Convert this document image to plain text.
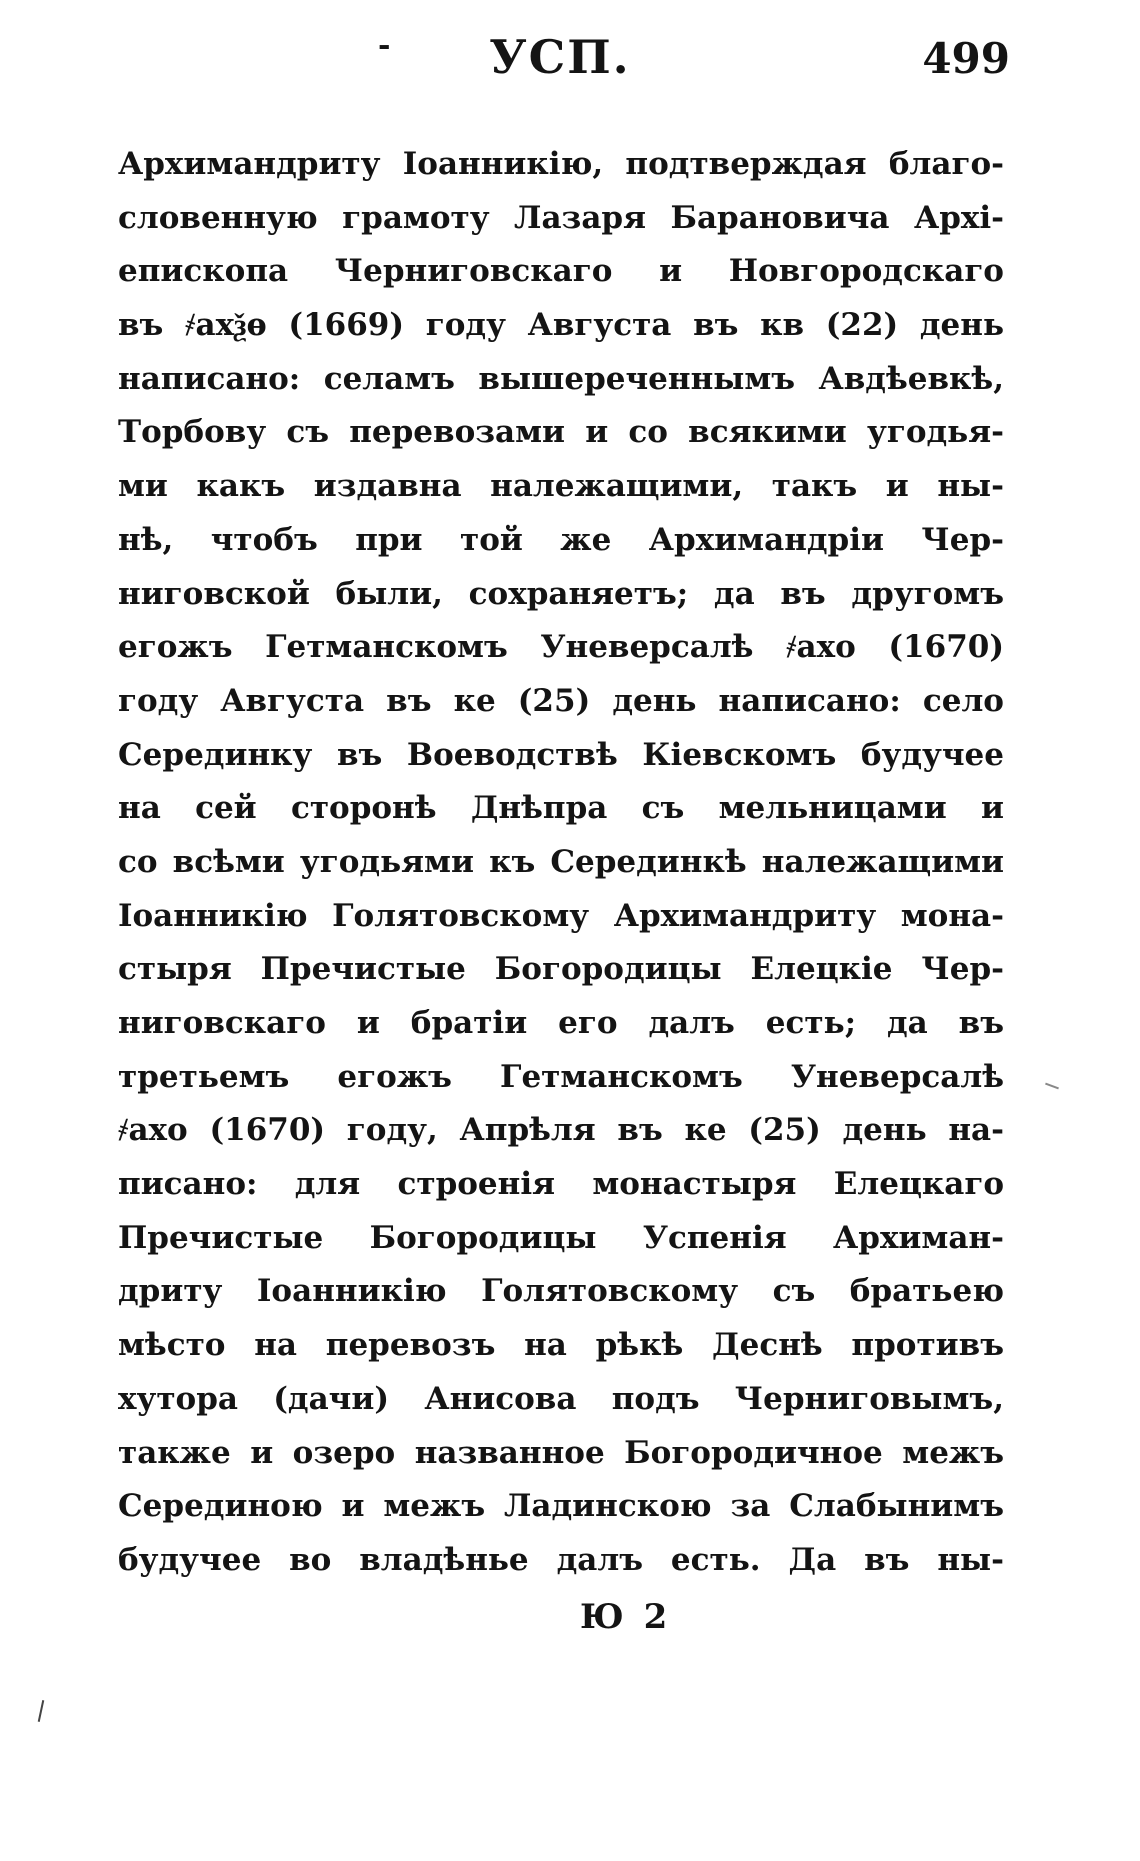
-	УСП.	499
Архимандриту Іоанникію, подтверждая благо-
словенную грамоту Лазаря Барановича Архі-
епископа Черниговскаго и Новгородскаго
въ ҂ахѯѳ (1669) году Августа въ кв (22) день
написано: селамъ вышереченнымъ Авдѣевкѣ,
Торбову съ перевозами и со всякими угодья-
ми какъ издавна належащими, такъ и ны-
нѣ, чтобъ при той же Архимандріи Чер-
ниговской были, сохраняетъ; да въ другомъ
егожъ Гетманскомъ Уневерсалѣ ҂ахо (1670)
году Августа въ ке (25) день написано: село
Серединку въ Воеводствѣ Кіевскомъ будучее
на сей сторонѣ Днѣпра съ мельницами и
со всѣми угодьями къ Серединкѣ належащими
Іоанникію Голятовскому Архимандриту мона-
стыря Пречистые Богородицы Елецкіе Чер-
ниговскаго и братіи его далъ есть; да въ
третьемъ егожъ Гетманскомъ Уневерсалѣ
҂ахо (1670) году, Апрѣля въ ке (25) день на-
писано: для строенія монастыря Елецкаго
Пречистые Богородицы Успенія Архиман-
дриту Іоанникію Голятовскому съ братьею
мѣсто на перевозъ на рѣкѣ Деснѣ противъ
хутора (дачи) Анисова подъ Черниговымъ,
также и озеро названное Богородичное межъ
Серединою и межъ Ладинскою за Слабынимъ
будучее во владѣнье далъ есть. Да въ ны-
Ю 2
